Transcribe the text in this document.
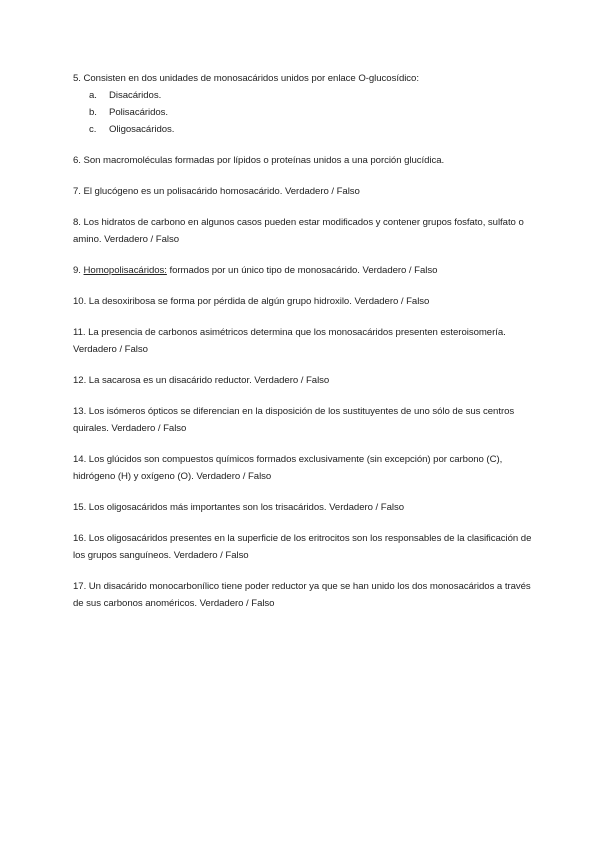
5. Consisten en dos unidades de monosacáridos unidos por enlace O-glucosídico:
a.	Disacáridos.
b.	Polisacáridos.
c.	Oligosacáridos.
6. Son macromoléculas formadas por lípidos o proteínas unidos a una porción glucídica.
7. El glucógeno es un polisacárido homosacárido. Verdadero / Falso
8. Los hidratos de carbono en algunos casos pueden estar modificados y contener grupos fosfato, sulfato o amino. Verdadero / Falso
9. Homopolisacáridos: formados por un único tipo de monosacárido. Verdadero / Falso
10. La desoxiribosa se forma por pérdida de algún grupo hidroxilo. Verdadero / Falso
11. La presencia de carbonos asimétricos determina que los monosacáridos presenten esteroisomería. Verdadero / Falso
12. La sacarosa es un disacárido reductor. Verdadero / Falso
13. Los isómeros ópticos se diferencian en la disposición de los sustituyentes de uno sólo de sus centros quirales. Verdadero / Falso
14. Los glúcidos son compuestos químicos formados exclusivamente (sin excepción) por carbono (C), hidrógeno (H) y oxígeno (O). Verdadero / Falso
15. Los oligosacáridos más importantes son los trisacáridos. Verdadero / Falso
16. Los oligosacáridos presentes en la superficie de los eritrocitos son los responsables de la clasificación de los grupos sanguíneos. Verdadero / Falso
17. Un disacárido monocarbonílico tiene poder reductor ya que se han unido los dos monosacáridos a través de sus carbonos anoméricos. Verdadero / Falso
